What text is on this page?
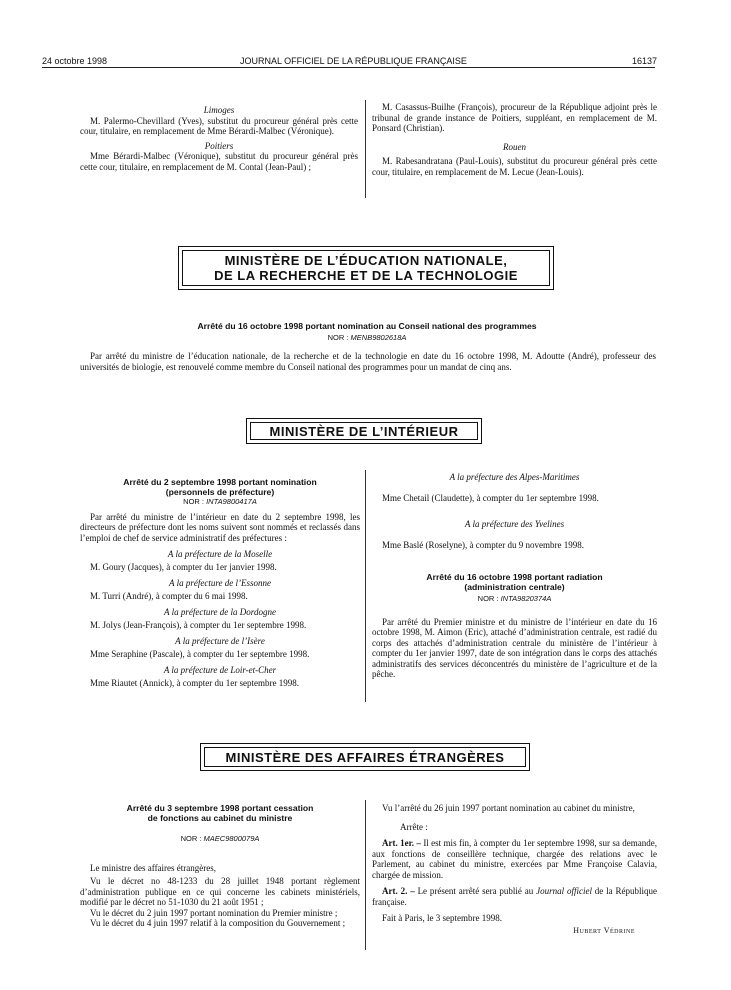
24 octobre 1998	JOURNAL OFFICIEL DE LA RÉPUBLIQUE FRANÇAISE	16137

Limoges

M. Palermo-Chevillard (Yves), substitut du procureur général près cette cour, titulaire, en remplacement de Mme Bérardi-Malbec (Véronique).

Poitiers

Mme Bérardi-Malbec (Véronique), substitut du procureur général près cette cour, titulaire, en remplacement de M. Contal (Jean-Paul) ;

M. Casassus-Builhe (François), procureur de la République adjoint près le tribunal de grande instance de Poitiers, suppléant, en remplacement de M. Ponsard (Christian).

Rouen

M. Rabesandratana (Paul-Louis), substitut du procureur général près cette cour, titulaire, en remplacement de M. Lecue (Jean-Louis).

MINISTÈRE DE L’ÉDUCATION NATIONALE,
DE LA RECHERCHE ET DE LA TECHNOLOGIE
Arrêté du 16 octobre 1998 portant nomination au Conseil national des programmes
NOR : MENB9802618A

Par arrêté du ministre de l’éducation nationale, de la recherche et de la technologie en date du 16 octobre 1998, M. Adoutte (André), professeur des universités de biologie, est renouvelé comme membre du Conseil national des programmes pour un mandat de cinq ans.

MINISTÈRE DE L’INTÉRIEUR
Arrêté du 2 septembre 1998 portant nomination
(personnels de préfecture)
NOR : INTA9800417A

Par arrêté du ministre de l’intérieur en date du 2 septembre 1998, les directeurs de préfecture dont les noms suivent sont nommés et reclassés dans l’emploi de chef de service administratif des préfectures :

A la préfecture de la Moselle

M. Goury (Jacques), à compter du 1er janvier 1998.

A la préfecture de l’Essonne

M. Turri (André), à compter du 6 mai 1998.

A la préfecture de la Dordogne

M. Jolys (Jean-François), à compter du 1er septembre 1998.

A la préfecture de l’Isère

Mme Seraphine (Pascale), à compter du 1er septembre 1998.

A la préfecture de Loir-et-Cher

Mme Riautet (Annick), à compter du 1er septembre 1998.

A la préfecture des Alpes-Maritimes

Mme Chetail (Claudette), à compter du 1er septembre 1998.

A la préfecture des Yvelines

Mme Baslé (Roselyne), à compter du 9 novembre 1998.

Arrêté du 16 octobre 1998 portant radiation
(administration centrale)
NOR : INTA9820374A

Par arrêté du Premier ministre et du ministre de l’intérieur en date du 16 octobre 1998, M. Aimon (Eric), attaché d’administration centrale, est radié du corps des attachés d’administration centrale du ministère de l’intérieur à compter du 1er janvier 1997, date de son intégration dans le corps des attachés administratifs des services déconcentrés du ministère de l’agriculture et de la pêche.

MINISTÈRE DES AFFAIRES ÉTRANGÈRES
Arrêté du 3 septembre 1998 portant cessation
de fonctions au cabinet du ministre
NOR : MAEC9800079A

Le ministre des affaires étrangères,

Vu le décret no 48-1233 du 28 juillet 1948 portant règlement d’administration publique en ce qui concerne les cabinets ministériels, modifié par le décret no 51-1030 du 21 août 1951 ;

Vu le décret du 2 juin 1997 portant nomination du Premier ministre ;

Vu le décret du 4 juin 1997 relatif à la composition du Gouvernement ;

Vu l’arrêté du 26 juin 1997 portant nomination au cabinet du ministre,

Arrête :

Art. 1er. – Il est mis fin, à compter du 1er septembre 1998, sur sa demande, aux fonctions de conseillère technique, chargée des relations avec le Parlement, au cabinet du ministre, exercées par Mme Françoise Calavia, chargée de mission.

Art. 2. – Le présent arrêté sera publié au Journal officiel de la République française.

Fait à Paris, le 3 septembre 1998.

Hubert Védrine
